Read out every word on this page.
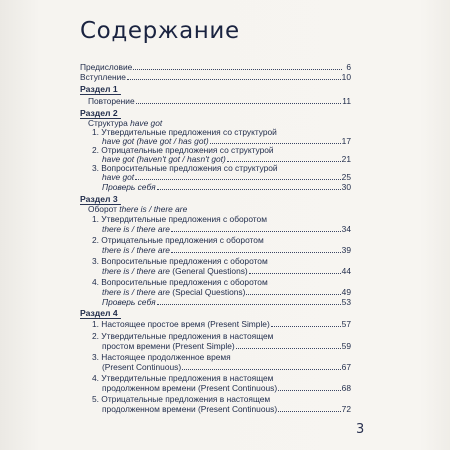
Содержание
Предисловие	6
Вступление	10
Раздел 1
Повторение	11
Раздел 2
Структура have got
1. Утвердительные предложения со структурой
have got (have got / has got)	17
2. Отрицательные предложения со структурой
have got (haven't got / hasn't got)	21
3. Вопросительные предложения со структурой
have got	25
Проверь себя	30
Раздел 3
Оборот there is / there are
1. Утвердительные предложения с оборотом
there is / there are	34
2. Отрицательные предложения с оборотом
there is / there are	39
3. Вопросительные предложения с оборотом
there is / there are (General Questions)	44
4. Вопросительные предложения с оборотом
there is / there are (Special Questions)	49
Проверь себя	53
Раздел 4
1. Настоящее простое время (Present Simple)	57
2. Утвердительные предложения в настоящем
простом времени (Present Simple)	59
3. Настоящее продолженное время
(Present Continuous)	67
4. Утвердительные предложения в настоящем
продолженном времени (Present Continuous)	68
5. Отрицательные предложения в настоящем
продолженном времени (Present Continuous)	72
3
